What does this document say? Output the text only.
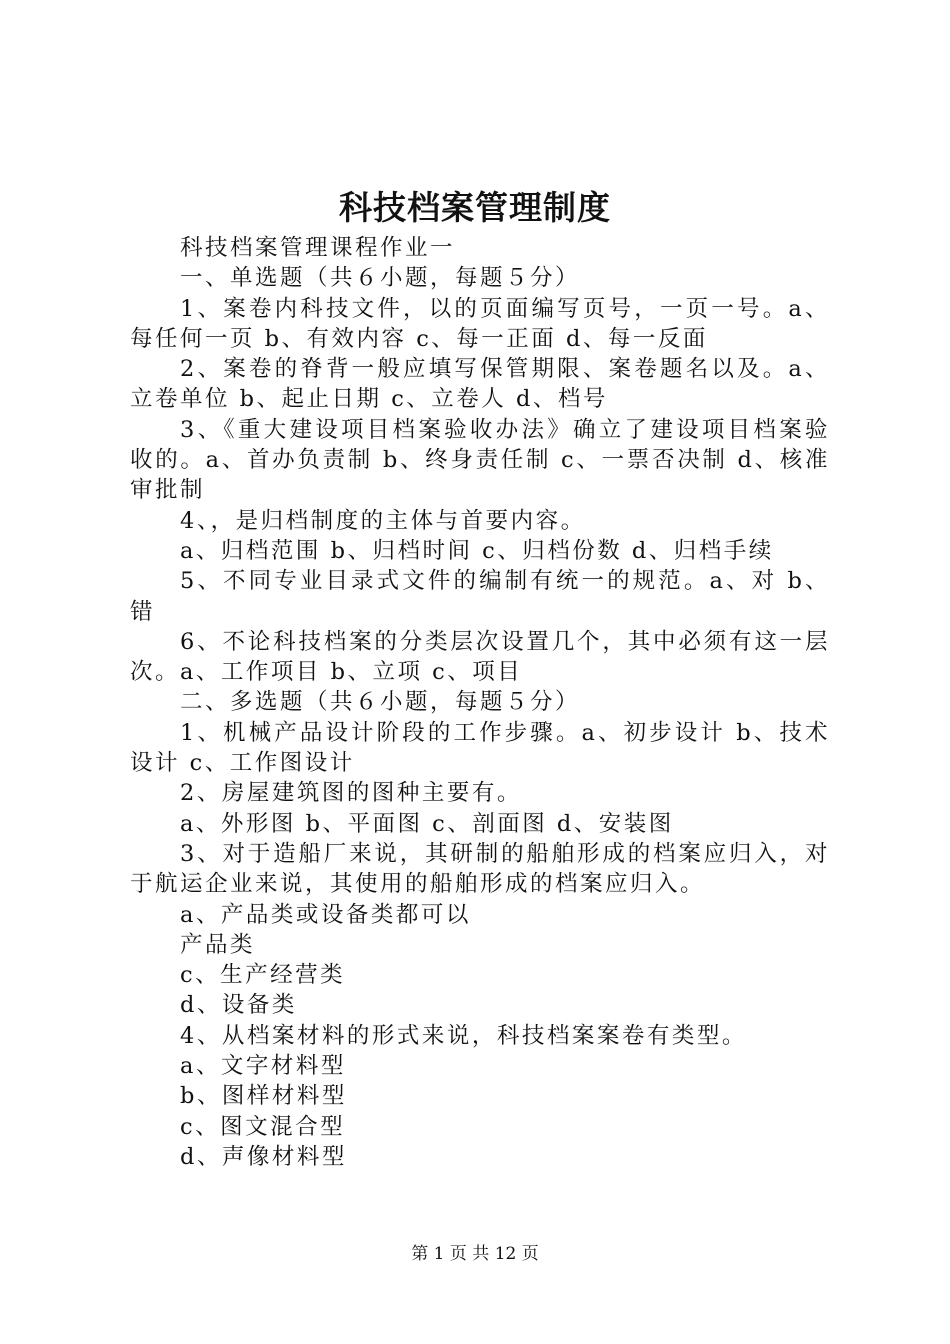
科技档案管理制度

科技档案管理课程作业一

一、单选题（共６小题，每题５分）

1、案卷内科技文件，以的页面编写页号，一页一号。a、每任何一页 b、有效内容 c、每一正面 d、每一反面

2、案卷的脊背一般应填写保管期限、案卷题名以及。a、立卷单位 b、起止日期 c、立卷人 d、档号

3、《重大建设项目档案验收办法》确立了建设项目档案验收的。a、首办负责制 b、终身责任制 c、一票否决制 d、核准审批制

4、，是归档制度的主体与首要内容。

a、归档范围 b、归档时间 c、归档份数 d、归档手续

5、不同专业目录式文件的编制有统一的规范。a、对 b、错

6、不论科技档案的分类层次设置几个，其中必须有这一层次。a、工作项目 b、立项 c、项目

二、多选题（共６小题，每题５分）

1、机械产品设计阶段的工作步骤。a、初步设计 b、技术设计 c、工作图设计

2、房屋建筑图的图种主要有。

a、外形图 b、平面图 c、剖面图 d、安装图

3、对于造船厂来说，其研制的船舶形成的档案应归入，对于航运企业来说，其使用的船舶形成的档案应归入。

a、产品类或设备类都可以

产品类

c、生产经营类

d、设备类

4、从档案材料的形式来说，科技档案案卷有类型。

a、文字材料型

b、图样材料型

c、图文混合型

d、声像材料型

第 1 页 共 12 页
